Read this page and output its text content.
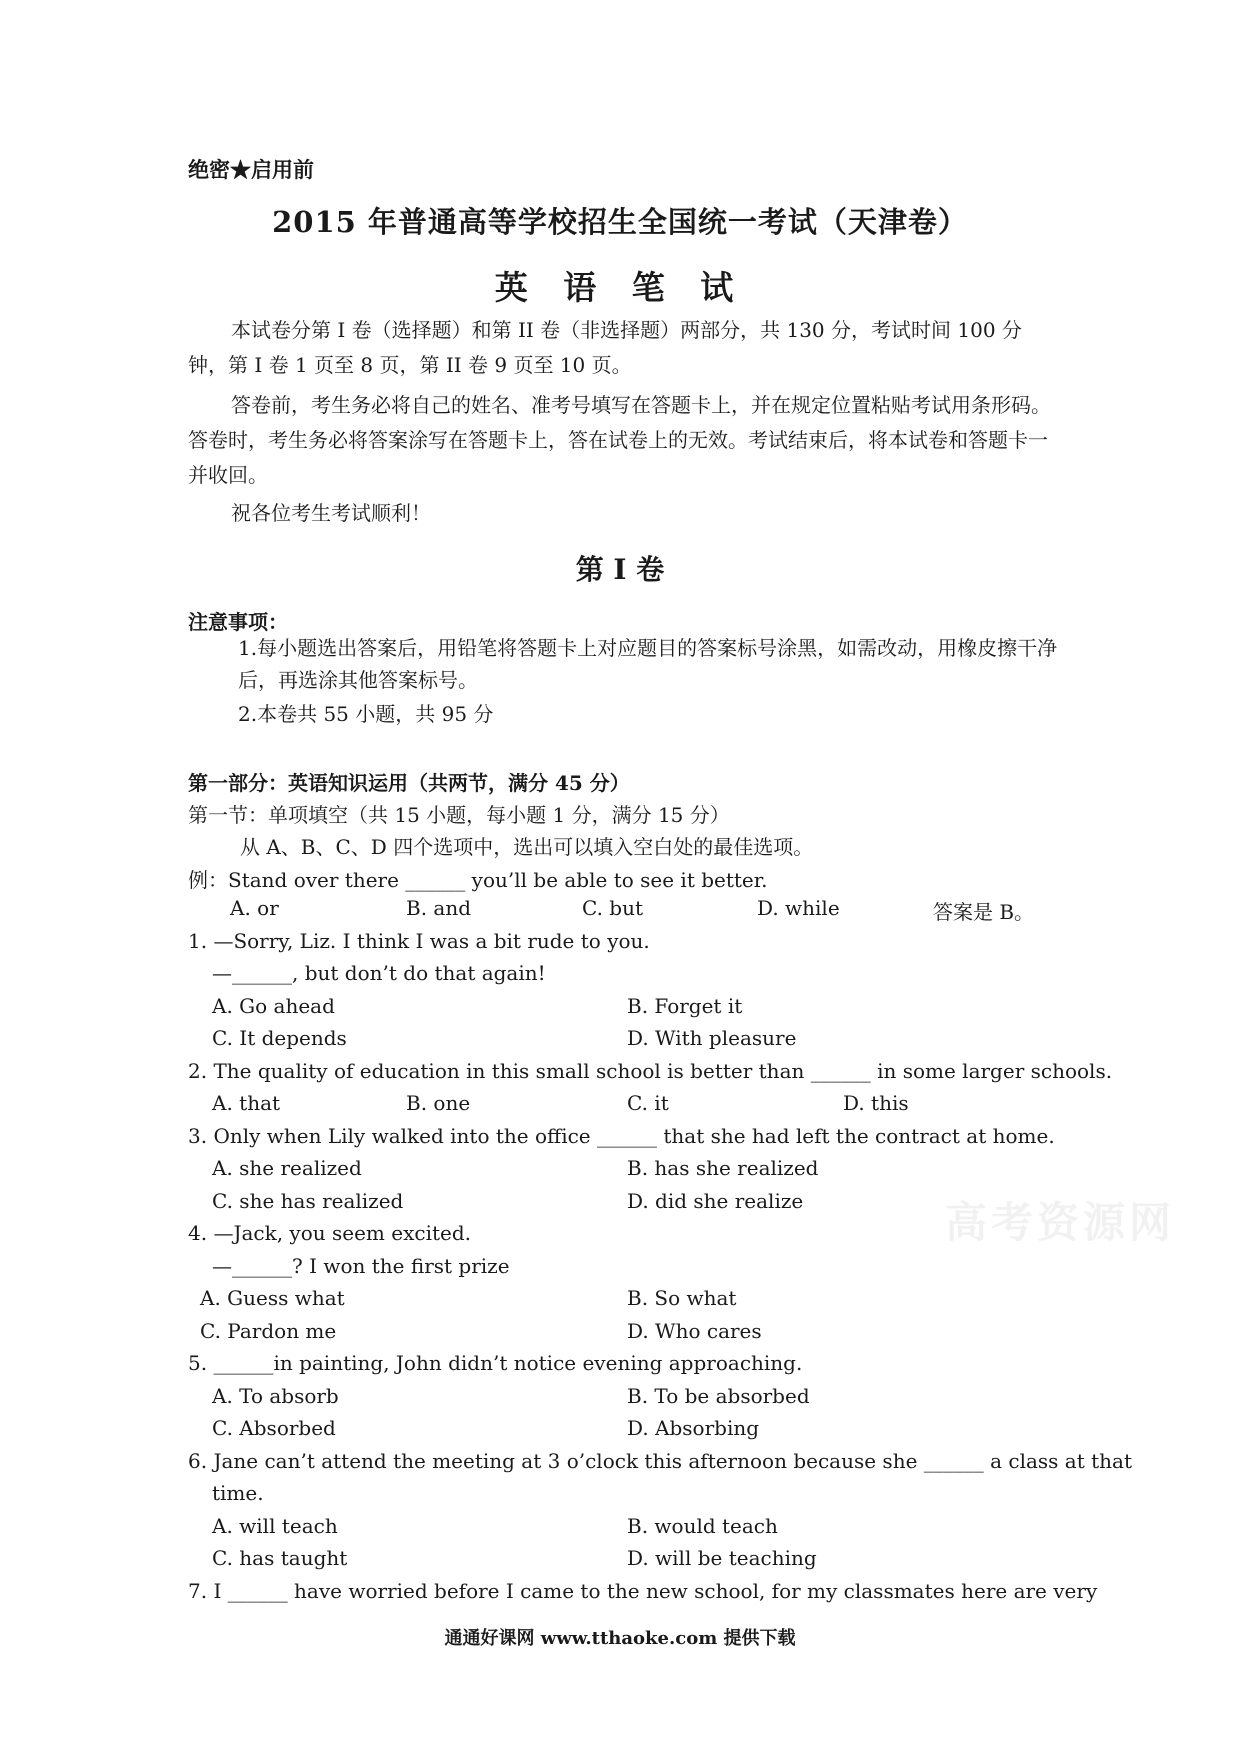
绝密★启用前
2015 年普通高等学校招生全国统一考试（天津卷）
英 语 笔 试
本试卷分第 I 卷（选择题）和第 II 卷（非选择题）两部分，共 130 分，考试时间 100 分钟，第 I 卷 1 页至 8 页，第 II 卷 9 页至 10 页。
答卷前，考生务必将自己的姓名、准考号填写在答题卡上，并在规定位置粘贴考试用条形码。答卷时，考生务必将答案涂写在答题卡上，答在试卷上的无效。考试结束后，将本试卷和答题卡一并收回。
祝各位考生考试顺利！
第 I 卷
注意事项：
1.每小题选出答案后，用铅笔将答题卡上对应题目的答案标号涂黑，如需改动，用橡皮擦干净后，再选涂其他答案标号。
2.本卷共 55 小题，共 95 分
第一部分：英语知识运用（共两节，满分 45 分）
第一节：单项填空（共 15 小题，每小题 1 分，满分 15 分）
从 A、B、C、D 四个选项中，选出可以填入空白处的最佳选项。
例：Stand over there ______ you’ll be able to see it better.
A. or	B. and	C. but	D. while	答案是 B。
1. —Sorry, Liz. I think I was a bit rude to you.
—______, but don’t do that again!
A. Go ahead	B. Forget it
C. It depends	D. With pleasure
2. The quality of education in this small school is better than ______ in some larger schools.
A. that	B. one	C. it	D. this
3. Only when Lily walked into the office ______ that she had left the contract at home.
A. she realized	B. has she realized
C. she has realized	D. did she realize
4. —Jack, you seem excited.
—______? I won the first prize
A. Guess what	B. So what
C. Pardon me	D. Who cares
5. ______in painting, John didn’t notice evening approaching.
A. To absorb	B. To be absorbed
C. Absorbed	D. Absorbing
6. Jane can’t attend the meeting at 3 o’clock this afternoon because she ______ a class at that
time.
A. will teach	B. would teach
C. has taught	D. will be teaching
7. I ______ have worried before I came to the new school, for my classmates here are very
高考资源网
通通好课网 www.tthaoke.com 提供下载
